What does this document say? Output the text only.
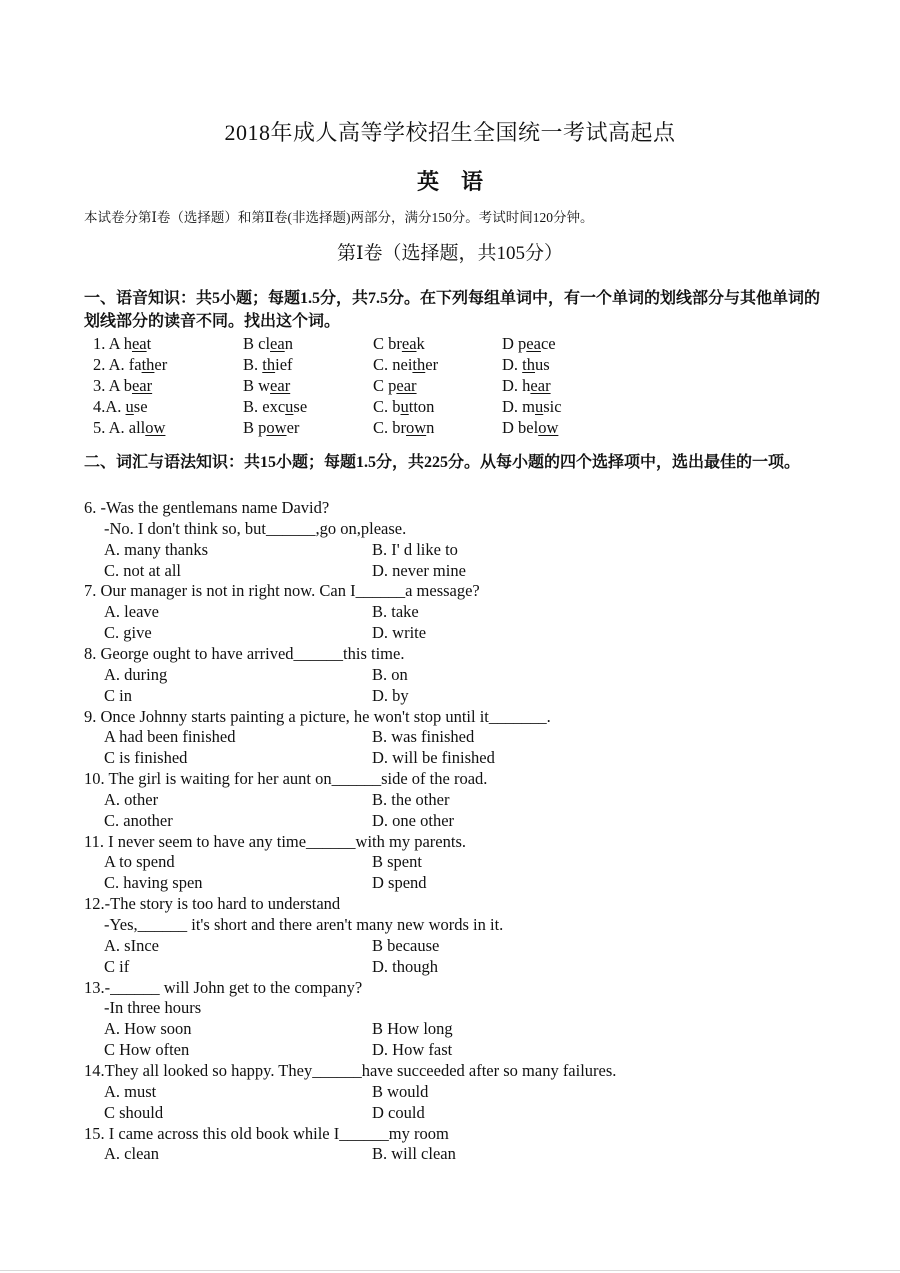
2018年成人高等学校招生全国统一考试高起点
英语
本试卷分第Ⅰ卷（选择题）和第Ⅱ卷(非选择题)两部分，满分150分。考试时间120分钟。
第Ⅰ卷（选择题，共105分）
一、语音知识：共5小题；每题1.5分，共7.5分。在下列每组单词中，有一个单词的划线部分与其他单词的划线部分的读音不同。找出这个词。
1. A heat	B clean	C break	D peace
2. A. father	B. thief	C. neither	D. thus
3. A bear	B wear	C pear	D. hear
4.A. use	B. excuse	C. button	D. music
5. A. allow	B power	C. brown	D below
二、词汇与语法知识：共15小题；每题1.5分，共225分。从每小题的四个选择项中，选出最佳的一项。
6. -Was the gentlemans name David?
-No. I don't think so, but______,go on,please.
A. many thanks	B. I' d like to
C. not at all	D. never mine
7. Our manager is not in right now. Can I______a message?
A. leave	B. take
C. give	D. write
8. George ought to have arrived______this time.
A. during	B. on
C in	D. by
9. Once Johnny starts painting a picture, he won't stop until it_______.
A had been finished	B. was finished
C is finished	D. will be finished
10. The girl is waiting for her aunt on______side of the road.
A. other	B. the other
C. another	D. one other
11. I never seem to have any time______with my parents.
A to spend	B spent
C. having spen	D spend
12.-The story is too hard to understand
-Yes,______ it's short and there aren't many new words in it.
A. sInce	B because
C if	D. though
13.-______ will John get to the company?
-In three hours
A. How soon	B How long
C How often	D. How fast
14.They all looked so happy. They______have succeeded after so many failures.
A. must	B would
C should	D could
15. I came across this old book while I______my room
A. clean	B. will clean
